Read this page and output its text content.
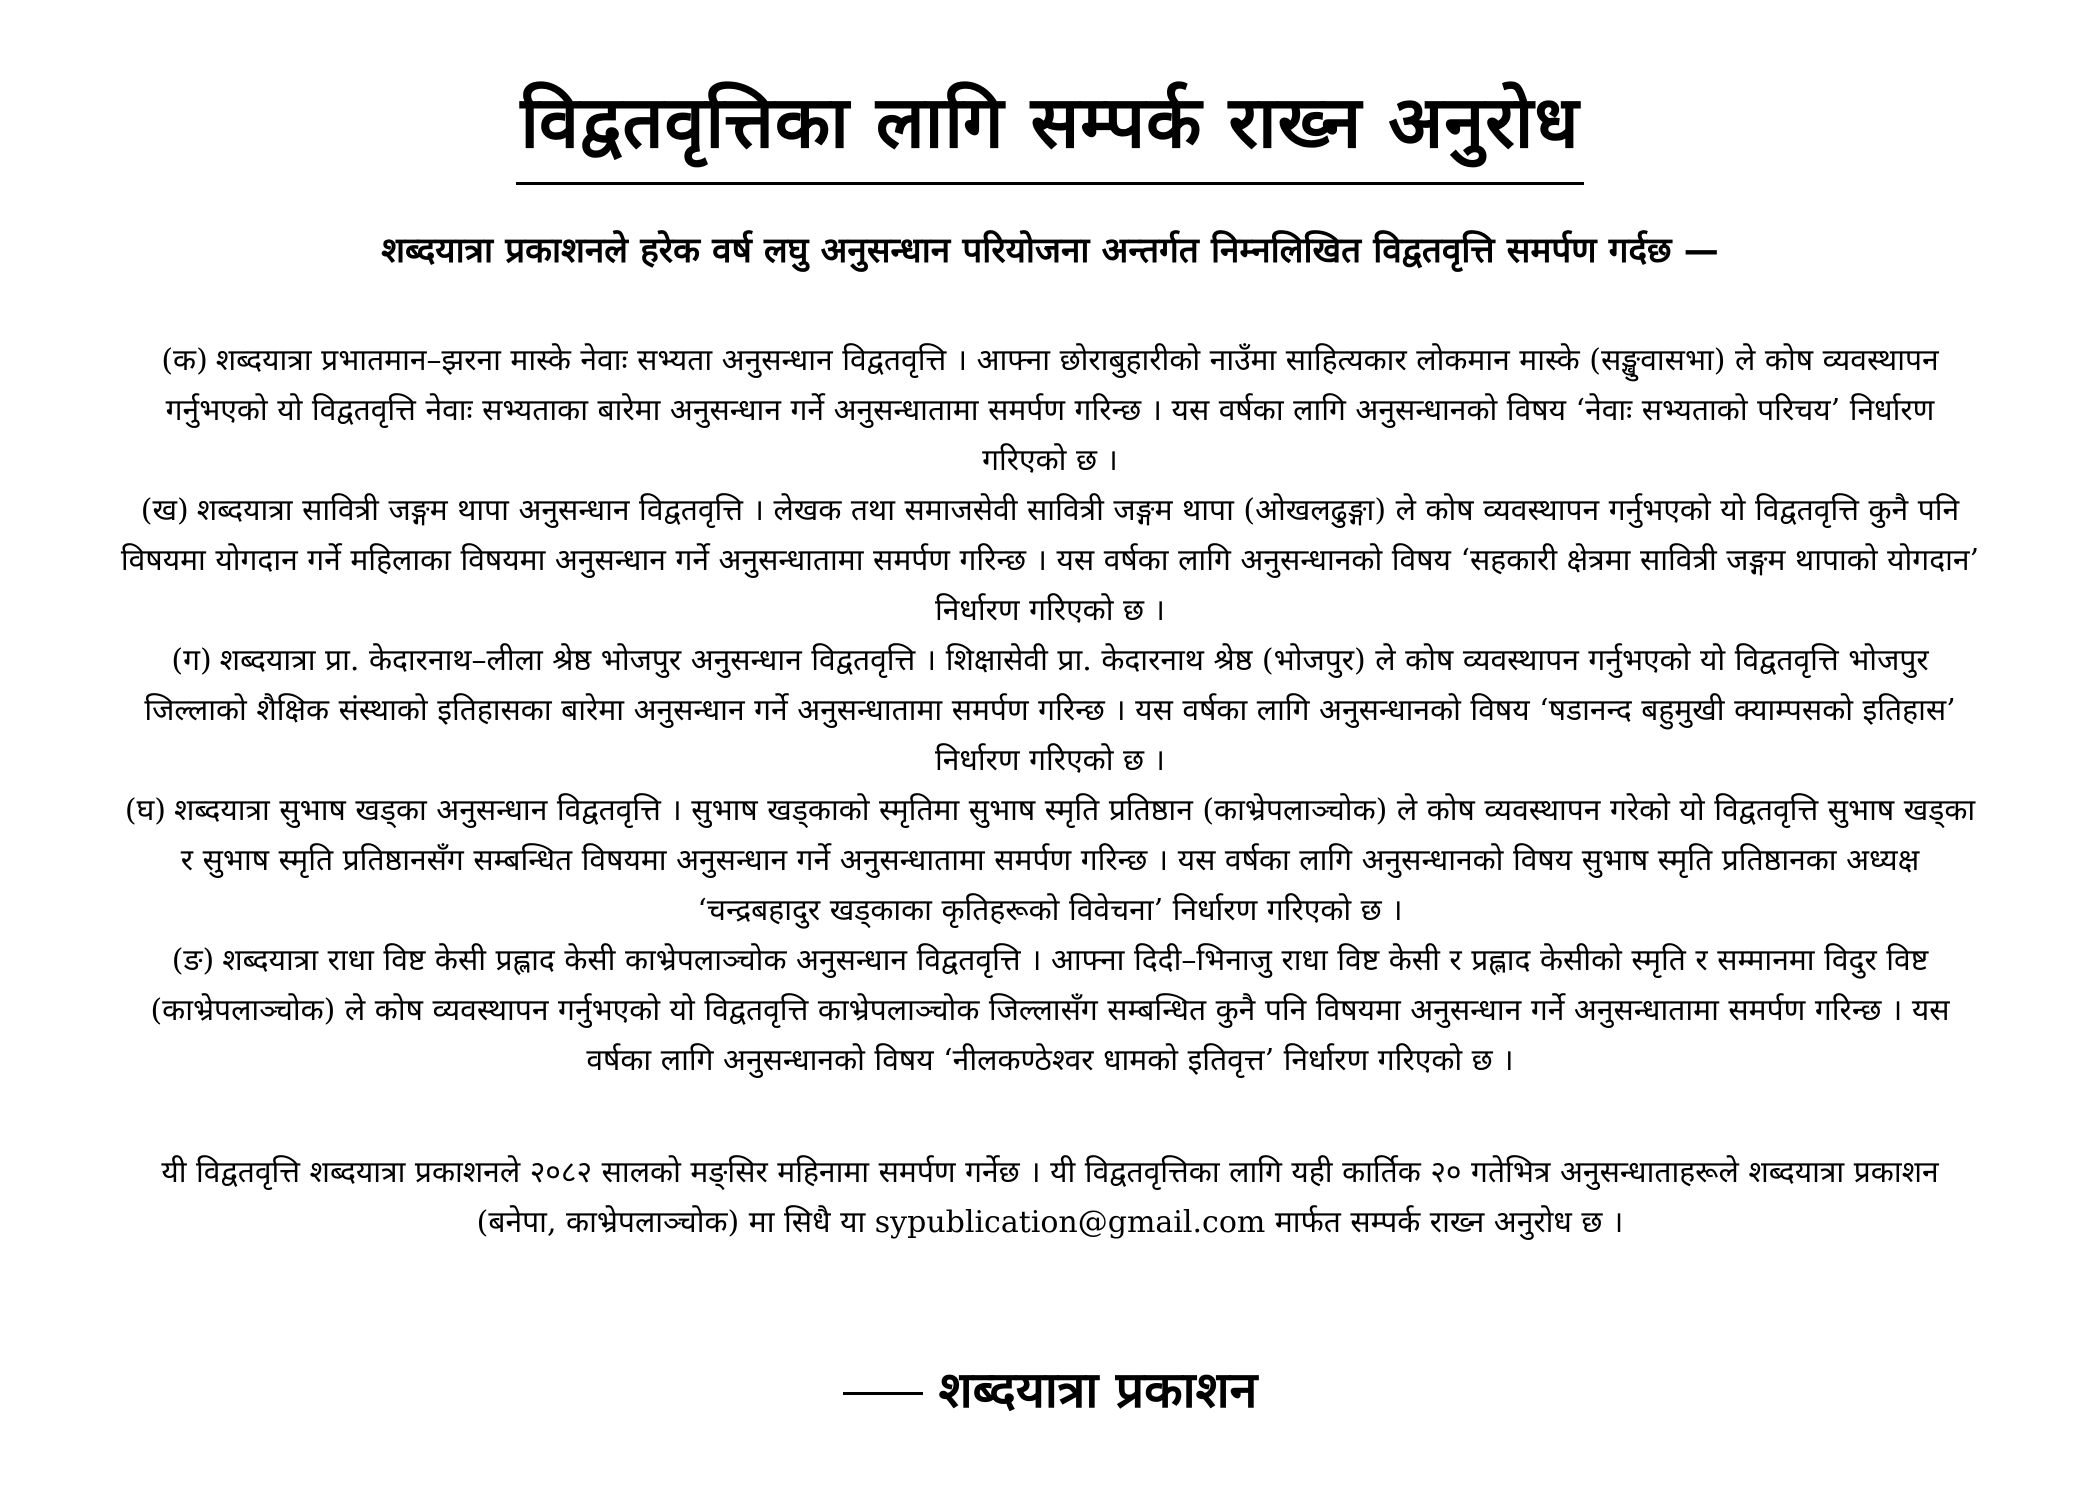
विद्वतवृत्तिका लागि सम्पर्क राख्न अनुरोध
शब्दयात्रा प्रकाशनले हरेक वर्ष लघु अनुसन्धान परियोजना अन्तर्गत निम्नलिखित विद्वतवृत्ति समर्पण गर्दछ —

(क) शब्दयात्रा प्रभातमान–झरना मास्के नेवाः सभ्यता अनुसन्धान विद्वतवृत्ति । आफ्ना छोराबुहारीको नाउँमा साहित्यकार लोकमान मास्के (सङ्खुवासभा) ले कोष व्यवस्थापन गर्नुभएको यो विद्वतवृत्ति नेवाः सभ्यताका बारेमा अनुसन्धान गर्ने अनुसन्धातामा समर्पण गरिन्छ । यस वर्षका लागि अनुसन्धानको विषय ‘नेवाः सभ्यताको परिचय’ निर्धारण गरिएको छ ।

(ख) शब्दयात्रा सावित्री जङ्गम थापा अनुसन्धान विद्वतवृत्ति । लेखक तथा समाजसेवी सावित्री जङ्गम थापा (ओखलढुङ्गा) ले कोष व्यवस्थापन गर्नुभएको यो विद्वतवृत्ति कुनै पनि विषयमा योगदान गर्ने महिलाका विषयमा अनुसन्धान गर्ने अनुसन्धातामा समर्पण गरिन्छ । यस वर्षका लागि अनुसन्धानको विषय ‘सहकारी क्षेत्रमा सावित्री जङ्गम थापाको योगदान’ निर्धारण गरिएको छ ।

(ग) शब्दयात्रा प्रा. केदारनाथ–लीला श्रेष्ठ भोजपुर अनुसन्धान विद्वतवृत्ति । शिक्षासेवी प्रा. केदारनाथ श्रेष्ठ (भोजपुर) ले कोष व्यवस्थापन गर्नुभएको यो विद्वतवृत्ति भोजपुर जिल्लाको शैक्षिक संस्थाको इतिहासका बारेमा अनुसन्धान गर्ने अनुसन्धातामा समर्पण गरिन्छ । यस वर्षका लागि अनुसन्धानको विषय ‘षडानन्द बहुमुखी क्याम्पसको इतिहास’ निर्धारण गरिएको छ ।

(घ) शब्दयात्रा सुभाष खड्का अनुसन्धान विद्वतवृत्ति । सुभाष खड्काको स्मृतिमा सुभाष स्मृति प्रतिष्ठान (काभ्रेपलाञ्चोक) ले कोष व्यवस्थापन गरेको यो विद्वतवृत्ति सुभाष खड्का र सुभाष स्मृति प्रतिष्ठानसँग सम्बन्धित विषयमा अनुसन्धान गर्ने अनुसन्धातामा समर्पण गरिन्छ । यस वर्षका लागि अनुसन्धानको विषय सुभाष स्मृति प्रतिष्ठानका अध्यक्ष ‘चन्द्रबहादुर खड्काका कृतिहरूको विवेचना’ निर्धारण गरिएको छ ।

(ङ) शब्दयात्रा राधा विष्ट केसी प्रह्लाद केसी काभ्रेपलाञ्चोक अनुसन्धान विद्वतवृत्ति । आफ्ना दिदी–भिनाजु राधा विष्ट केसी र प्रह्लाद केसीको स्मृति र सम्मानमा विदुर विष्ट (काभ्रेपलाञ्चोक) ले कोष व्यवस्थापन गर्नुभएको यो विद्वतवृत्ति काभ्रेपलाञ्चोक जिल्लासँग सम्बन्धित कुनै पनि विषयमा अनुसन्धान गर्ने अनुसन्धातामा समर्पण गरिन्छ । यस वर्षका लागि अनुसन्धानको विषय ‘नीलकण्ठेश्वर धामको इतिवृत्त’ निर्धारण गरिएको छ ।

यी विद्वतवृत्ति शब्दयात्रा प्रकाशनले २०८२ सालको मङ्सिर महिनामा समर्पण गर्नेछ । यी विद्वतवृत्तिका लागि यही कार्तिक २० गतेभित्र अनुसन्धाताहरूले शब्दयात्रा प्रकाशन (बनेपा, काभ्रेपलाञ्चोक) मा सिधै या sypublication@gmail.com मार्फत सम्पर्क राख्न अनुरोध छ ।

शब्दयात्रा प्रकाशन
